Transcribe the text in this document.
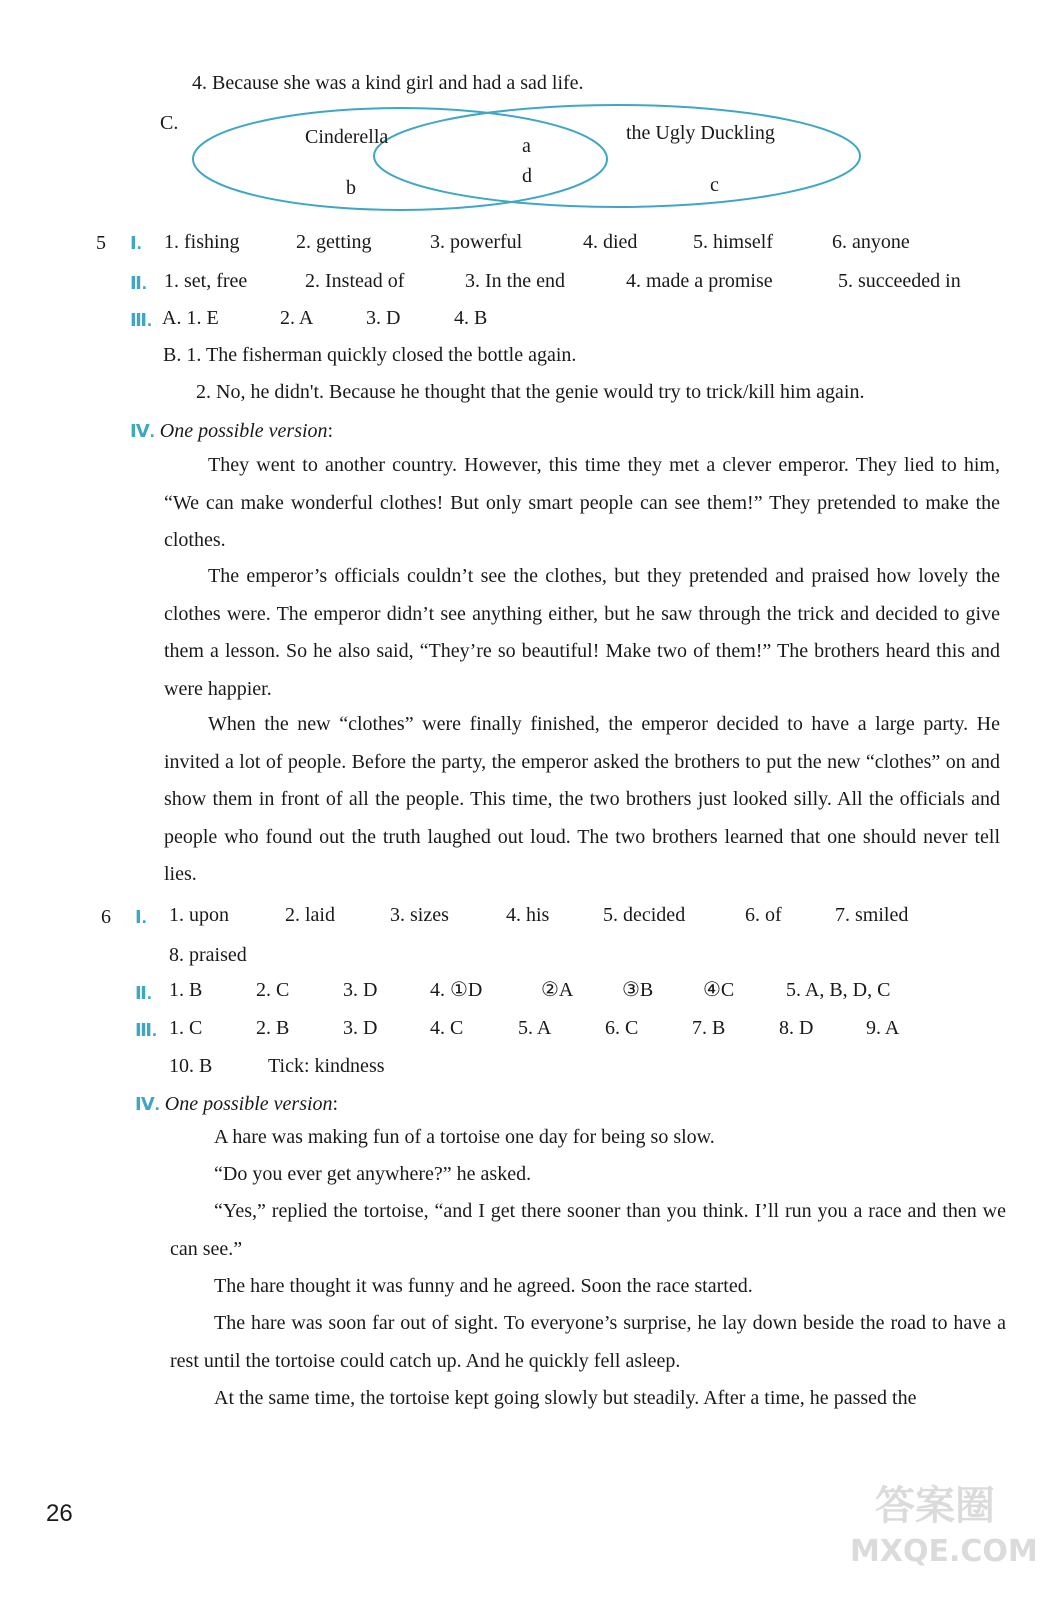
4. Because she was a kind girl and had a sad life.
C.
Cinderella
b
a
d
the Ugly Duckling
c
5 Ⅰ. 1. fishing	2. getting	3. powerful	4. died	5. himself	6. anyone
Ⅱ. 1. set, free	2. Instead of	3. In the end	4. made a promise	5. succeeded in
Ⅲ. A. 1. E	2. A	3. D	4. B
B. 1. The fisherman quickly closed the bottle again.
2. No, he didn't. Because he thought that the genie would try to trick/kill him again.
Ⅳ. One possible version:
They went to another country. However, this time they met a clever emperor. They lied to him, “We can make wonderful clothes! But only smart people can see them!” They pretended to make the clothes.
The emperor’s officials couldn’t see the clothes, but they pretended and praised how lovely the clothes were. The emperor didn’t see anything either, but he saw through the trick and decided to give them a lesson. So he also said, “They’re so beautiful! Make two of them!” The brothers heard this and were happier.
When the new “clothes” were finally finished, the emperor decided to have a large party. He invited a lot of people. Before the party, the emperor asked the brothers to put the new “clothes” on and show them in front of all the people. This time, the two brothers just looked silly. All the officials and people who found out the truth laughed out loud. The two brothers learned that one should never tell lies.
6 Ⅰ. 1. upon	2. laid	3. sizes	4. his	5. decided	6. of	7. smiled
8. praised
Ⅱ. 1. B	2. C	3. D	4. ①D	②A ③B ④C	5. A, B, D, C
Ⅲ. 1. C	2. B	3. D	4. C	5. A	6. C	7. B	8. D	9. A
10. B	Tick: kindness
Ⅳ. One possible version:
A hare was making fun of a tortoise one day for being so slow.
“Do you ever get anywhere?” he asked.
“Yes,” replied the tortoise, “and I get there sooner than you think. I’ll run you a race and then we can see.”
The hare thought it was funny and he agreed. Soon the race started.
The hare was soon far out of sight. To everyone’s surprise, he lay down beside the road to have a rest until the tortoise could catch up. And he quickly fell asleep.
At the same time, the tortoise kept going slowly but steadily. After a time, he passed the
26	答案圈
MXQE.COM
